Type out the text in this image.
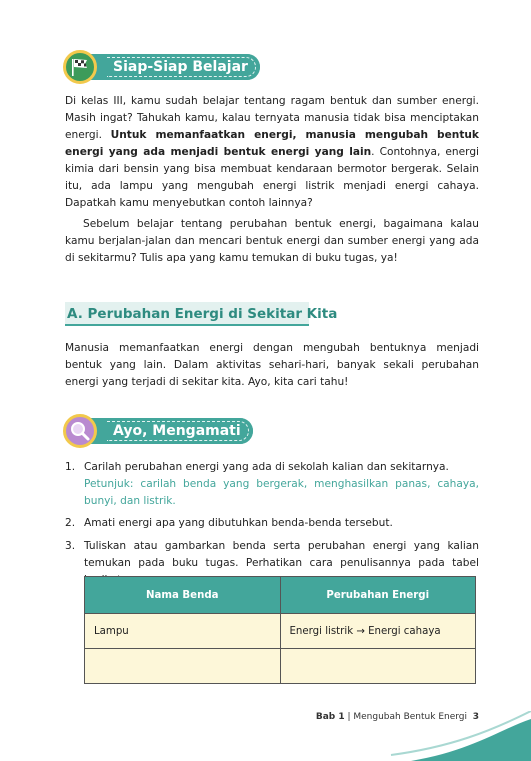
Siap-Siap Belajar

Di kelas III, kamu sudah belajar tentang ragam bentuk dan sumber energi. Masih ingat? Tahukah kamu, kalau ternyata manusia tidak bisa menciptakan energi. Untuk memanfaatkan energi, manusia mengubah bentuk energi yang ada menjadi bentuk energi yang lain. Contohnya, energi kimia dari bensin yang bisa membuat kendaraan bermotor bergerak. Selain itu, ada lampu yang mengubah energi listrik menjadi energi cahaya. Dapatkah kamu menyebutkan contoh lainnya?

Sebelum belajar tentang perubahan bentuk energi, bagaimana kalau kamu berjalan-jalan dan mencari bentuk energi dan sumber energi yang ada di sekitarmu? Tulis apa yang kamu temukan di buku tugas, ya!

A. Perubahan Energi di Sekitar Kita

Manusia memanfaatkan energi dengan mengubah bentuknya menjadi bentuk yang lain. Dalam aktivitas sehari-hari, banyak sekali perubahan energi yang terjadi di sekitar kita. Ayo, kita cari tahu!

Ayo, Mengamati
1. Carilah perubahan energi yang ada di sekolah kalian dan sekitarnya.
Petunjuk: carilah benda yang bergerak, menghasilkan panas, cahaya, bunyi, dan listrik.
2. Amati energi apa yang dibutuhkan benda-benda tersebut.
3. Tuliskan atau gambarkan benda serta perubahan energi yang kalian temukan pada buku tugas. Perhatikan cara penulisannya pada tabel
Nama Benda	Perubahan Energi
Lampu	Energi listrik → Energi cahaya

Bab 1 | Mengubah Bentuk Energi 3
